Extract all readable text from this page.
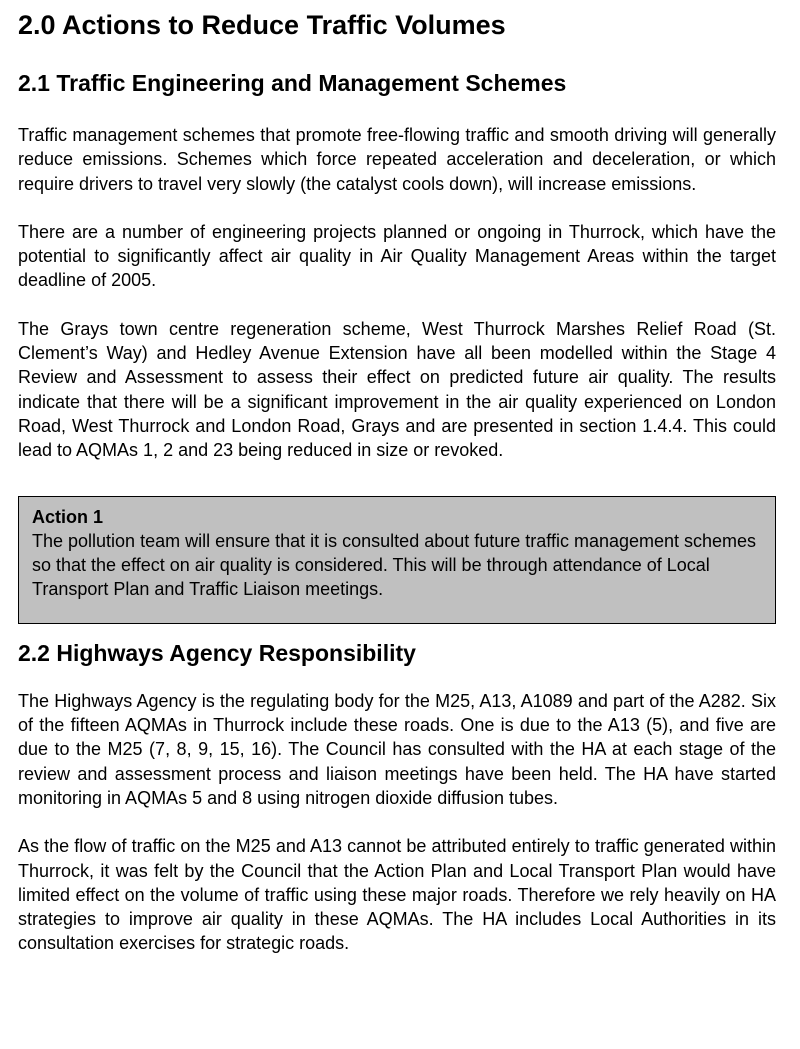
2.0 Actions to Reduce Traffic Volumes
2.1 Traffic Engineering and Management Schemes

Traffic management schemes that promote free-flowing traffic and smooth driving will generally reduce emissions. Schemes which force repeated acceleration and deceleration, or which require drivers to travel very slowly (the catalyst cools down), will increase emissions.

There are a number of engineering projects planned or ongoing in Thurrock, which have the potential to significantly affect air quality in Air Quality Management Areas within the target deadline of 2005.

The Grays town centre regeneration scheme, West Thurrock Marshes Relief Road (St. Clement’s Way) and Hedley Avenue Extension have all been modelled within the Stage 4 Review and Assessment to assess their effect on predicted future air quality. The results indicate that there will be a significant improvement in the air quality experienced on London Road, West Thurrock and London Road, Grays and are presented in section 1.4.4. This could lead to AQMAs 1, 2 and 23 being reduced in size or revoked.

Action 1
The pollution team will ensure that it is consulted about future traffic management schemes so that the effect on air quality is considered. This will be through attendance of Local Transport Plan and Traffic Liaison meetings.
2.2 Highways Agency Responsibility

The Highways Agency is the regulating body for the M25, A13, A1089 and part of the A282. Six of the fifteen AQMAs in Thurrock include these roads. One is due to the A13 (5), and five are due to the M25 (7, 8, 9, 15, 16). The Council has consulted with the HA at each stage of the review and assessment process and liaison meetings have been held. The HA have started monitoring in AQMAs 5 and 8 using nitrogen dioxide diffusion tubes.

As the flow of traffic on the M25 and A13 cannot be attributed entirely to traffic generated within Thurrock, it was felt by the Council that the Action Plan and Local Transport Plan would have limited effect on the volume of traffic using these major roads. Therefore we rely heavily on HA strategies to improve air quality in these AQMAs. The HA includes Local Authorities in its consultation exercises for strategic roads.
